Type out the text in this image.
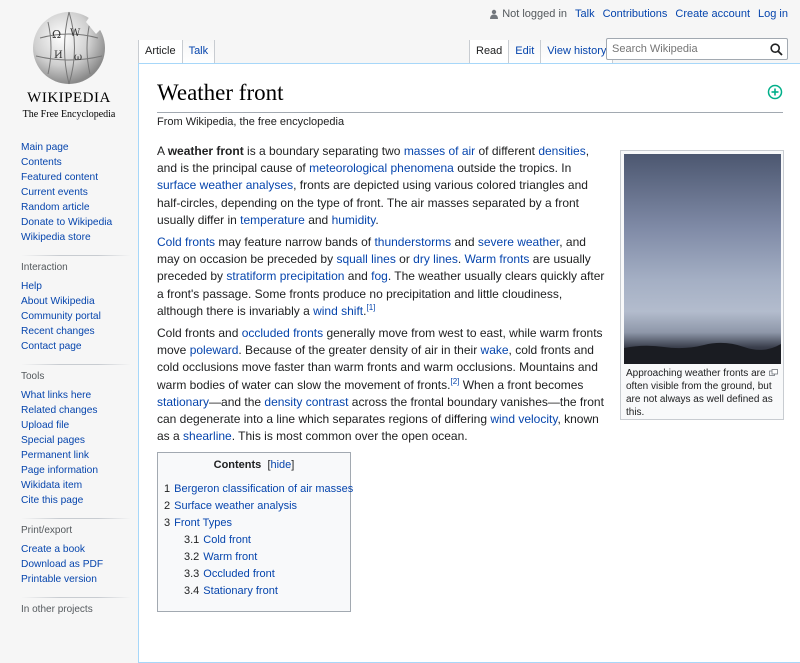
Ω W
И ω
WIKIPEDIA
The Free Encyclopedia
Not logged in Talk Contributions Create account Log in
Article	Talk	Read	Edit	View history
Search Wikipedia
Main page
Contents
Featured content
Current events
Random article
Donate to Wikipedia
Wikipedia store
Interaction
Help
About Wikipedia
Community portal
Recent changes
Contact page
Tools
What links here
Related changes
Upload file
Special pages
Permanent link
Page information
Wikidata item
Cite this page
Print/export
Create a book
Download as PDF
Printable version
In other projects
Weather front
From Wikipedia, the free encyclopedia

A weather front is a boundary separating two masses of air of different densities, and is the principal cause of meteorological phenomena outside the tropics. In surface weather analyses, fronts are depicted using various colored triangles and half-circles, depending on the type of front. The air masses separated by a front usually differ in temperature and humidity.

Cold fronts may feature narrow bands of thunderstorms and severe weather, and may on occasion be preceded by squall lines or dry lines. Warm fronts are usually preceded by stratiform precipitation and fog. The weather usually clears quickly after a front's passage. Some fronts produce no precipitation and little cloudiness, although there is invariably a wind shift.[1]

Cold fronts and occluded fronts generally move from west to east, while warm fronts move poleward. Because of the greater density of air in their wake, cold fronts and cold occlusions move faster than warm fronts and warm occlusions. Mountains and warm bodies of water can slow the movement of fronts.[2] When a front becomes stationary—and the density contrast across the frontal boundary vanishes—the front can degenerate into a line which separates regions of differing wind velocity, known as a shearline. This is most common over the open ocean.

Approaching weather fronts are often visible from the ground, but are not always as well defined as this.
Contents [hide]
1 Bergeron classification of air masses
2 Surface weather analysis
3 Front Types
3.1 Cold front
3.2 Warm front
3.3 Occluded front
3.4 Stationary front
